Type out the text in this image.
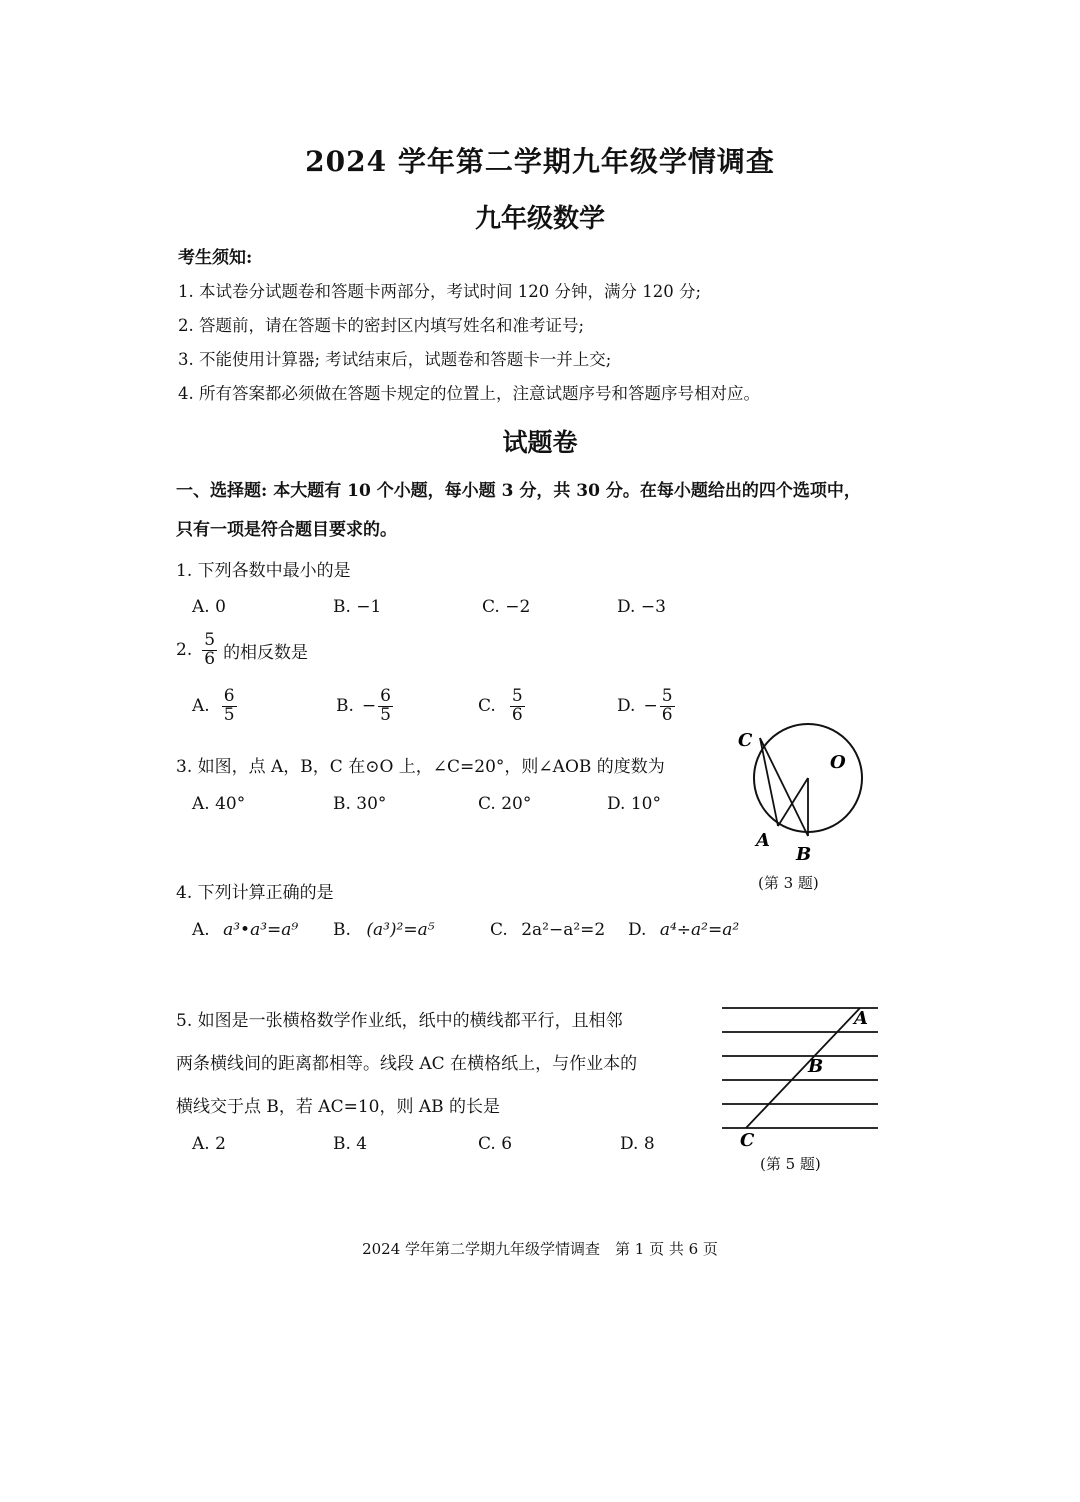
2024 学年第二学期九年级学情调查
九年级数学
考生须知:
1. 本试卷分试题卷和答题卡两部分，考试时间 120 分钟，满分 120 分;
2. 答题前，请在答题卡的密封区内填写姓名和准考证号;
3. 不能使用计算器; 考试结束后，试题卷和答题卡一并上交;
4. 所有答案都必须做在答题卡规定的位置上，注意试题序号和答题序号相对应。
试题卷
一、选择题: 本大题有 10 个小题，每小题 3 分，共 30 分。在每小题给出的四个选项中，
只有一项是符合题目要求的。
1. 下列各数中最小的是
A. 0	B. −1	C. −2	D. −3
2. $\frac{5}{6}$ 的相反数是
A. $\frac{6}{5}$	B. − $\frac{6}{5}$	C. $\frac{5}{6}$	D. − $\frac{5}{6}$
3. 如图，点 A，B，C 在⊙O 上，∠C=20°，则∠AOB 的度数为
A. 40°	B. 30°	C. 20°	D. 10°
C
O
A
B
(第 3 题)
4. 下列计算正确的是
A. a³•a³=a⁹ B. (a³)²=a⁵	C. 2a²−a²=2 D. a⁴÷a²=a²
5. 如图是一张横格数学作业纸，纸中的横线都平行，且相邻
两条横线间的距离都相等。线段 AC 在横格纸上，与作业本的
横线交于点 B，若 AC=10，则 AB 的长是
A. 2	B. 4	C. 6	D. 8
A
B
C
(第 5 题)
2024 学年第二学期九年级学情调查　第 1 页 共 6 页
